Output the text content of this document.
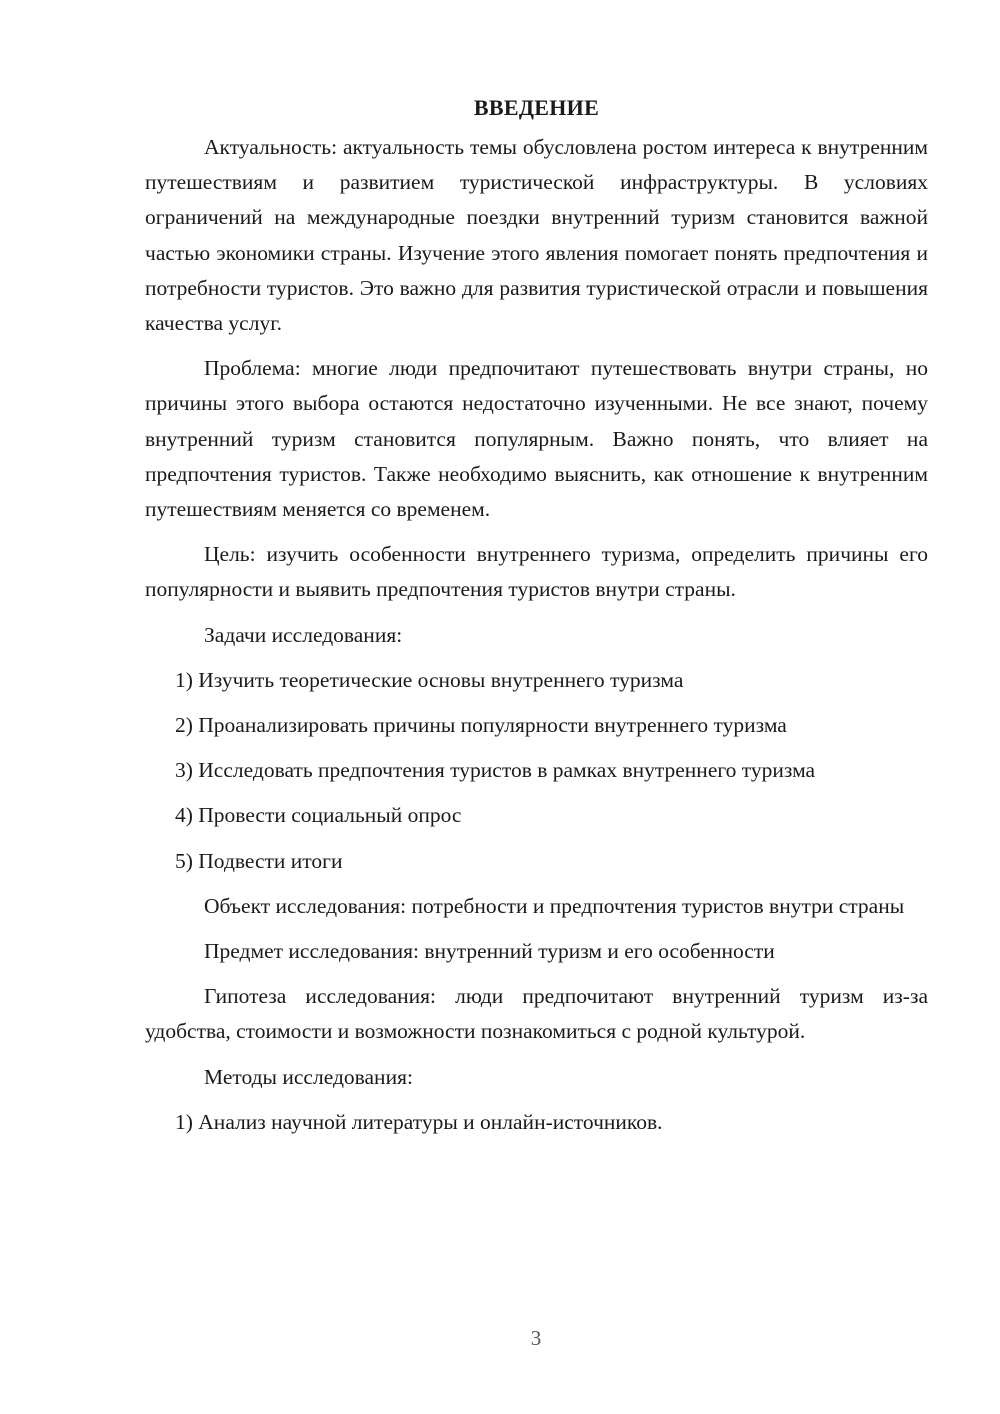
ВВЕДЕНИЕ

Актуальность: актуальность темы обусловлена ростом интереса к внутренним путешествиям и развитием туристической инфраструктуры. В условиях ограничений на международные поездки внутренний туризм становится важной частью экономики страны. Изучение этого явления помогает понять предпочтения и потребности туристов. Это важно для развития туристической отрасли и повышения качества услуг.

Проблема: многие люди предпочитают путешествовать внутри страны, но причины этого выбора остаются недостаточно изученными. Не все знают, почему внутренний туризм становится популярным. Важно понять, что влияет на предпочтения туристов. Также необходимо выяснить, как отношение к внутренним путешествиям меняется со временем.

Цель: изучить особенности внутреннего туризма, определить причины его популярности и выявить предпочтения туристов внутри страны.

Задачи исследования:

1) Изучить теоретические основы внутреннего туризма
2) Проанализировать причины популярности внутреннего туризма
3) Исследовать предпочтения туристов в рамках внутреннего туризма
4) Провести социальный опрос
5) Подвести итоги

Объект исследования: потребности и предпочтения туристов внутри страны

Предмет исследования: внутренний туризм и его особенности

Гипотеза исследования: люди предпочитают внутренний туризм из-за удобства, стоимости и возможности познакомиться с родной культурой.

Методы исследования:

1) Анализ научной литературы и онлайн-источников.
3
